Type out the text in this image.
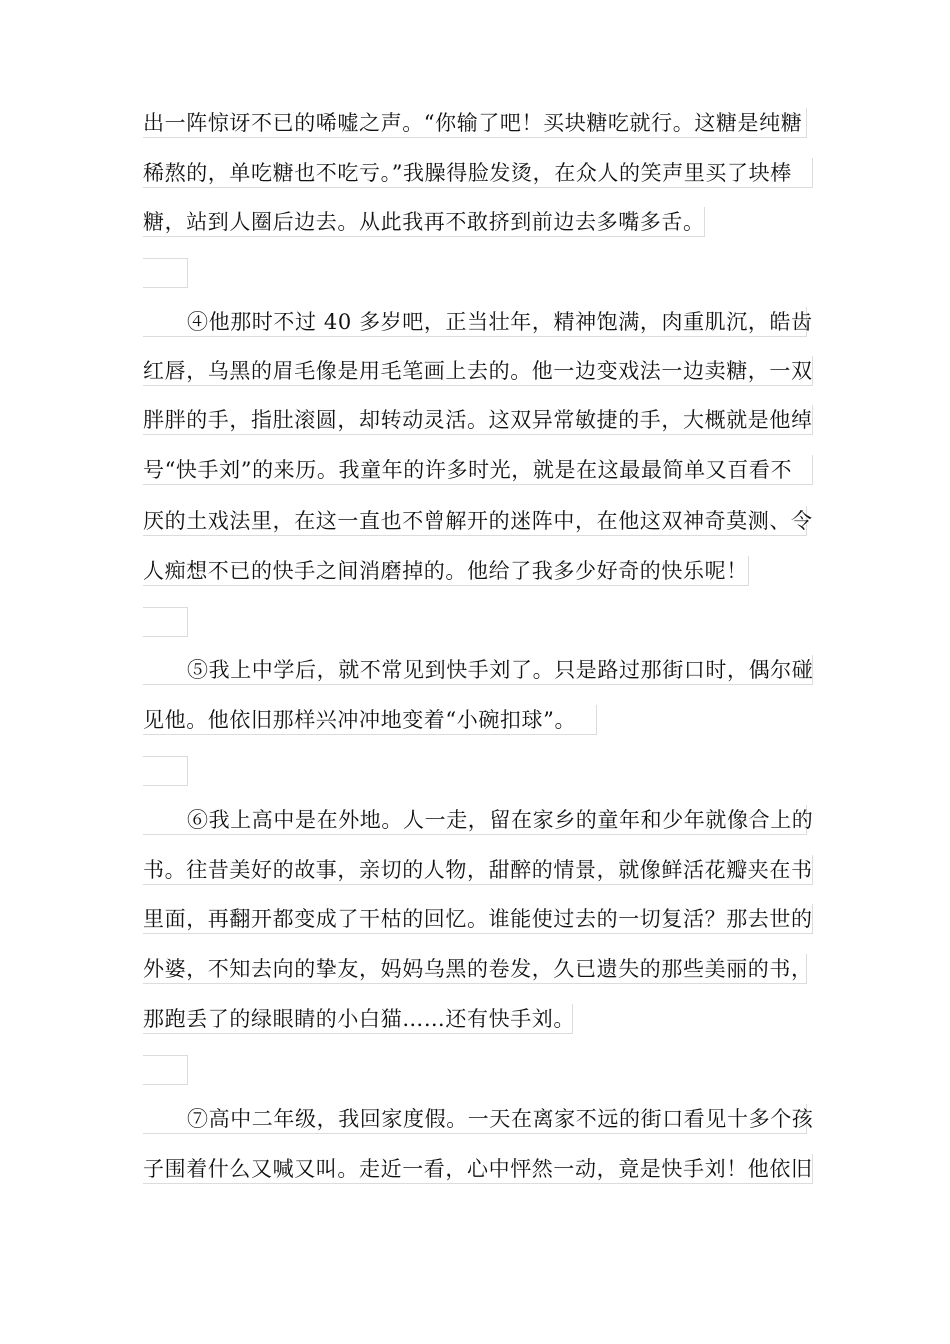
出一阵惊讶不已的唏嘘之声。“你输了吧！买块糖吃就行。这糖是纯糖
稀熬的，单吃糖也不吃亏。”我臊得脸发烫，在众人的笑声里买了块棒
糖，站到人圈后边去。从此我再不敢挤到前边去多嘴多舌。
④他那时不过 40 多岁吧，正当壮年，精神饱满，肉重肌沉，皓齿
红唇，乌黑的眉毛像是用毛笔画上去的。他一边变戏法一边卖糖，一双
胖胖的手，指肚滚圆，却转动灵活。这双异常敏捷的手，大概就是他绰
号“快手刘”的来历。我童年的许多时光，就是在这最最简单又百看不
厌的土戏法里，在这一直也不曾解开的迷阵中，在他这双神奇莫测、令
人痴想不已的快手之间消磨掉的。他给了我多少好奇的快乐呢！
⑤我上中学后，就不常见到快手刘了。只是路过那街口时，偶尔碰
见他。他依旧那样兴冲冲地变着“小碗扣球”。
⑥我上高中是在外地。人一走，留在家乡的童年和少年就像合上的
书。往昔美好的故事，亲切的人物，甜醉的情景，就像鲜活花瓣夹在书
里面，再翻开都变成了干枯的回忆。谁能使过去的一切复活？那去世的
外婆，不知去向的挚友，妈妈乌黑的卷发，久已遗失的那些美丽的书，
那跑丢了的绿眼睛的小白猫……还有快手刘。
⑦高中二年级，我回家度假。一天在离家不远的街口看见十多个孩
子围着什么又喊又叫。走近一看，心中怦然一动，竟是快手刘！他依旧
